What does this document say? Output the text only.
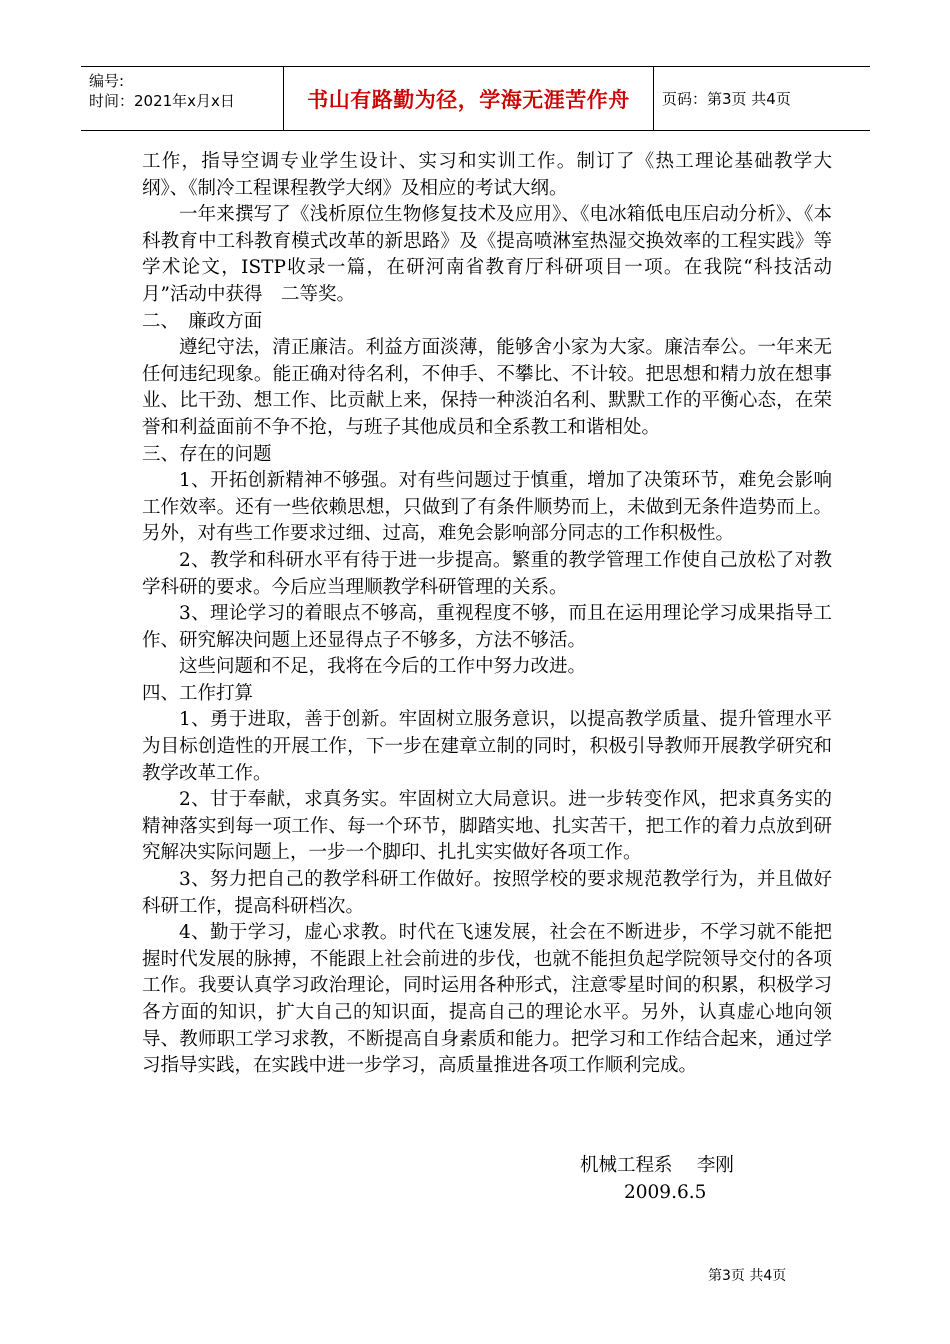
编号:
时间：2021年x月x日	书山有路勤为径，学海无涯苦作舟	页码：第3页 共4页

工作，指导空调专业学生设计、实习和实训工作。制订了《热工理论基础教学大纲》、《制冷工程课程教学大纲》及相应的考试大纲。

一年来撰写了《浅析原位生物修复技术及应用》、《电冰箱低电压启动分析》、《本科教育中工科教育模式改革的新思路》及《提高喷淋室热湿交换效率的工程实践》等学术论文，ISTP收录一篇，在研河南省教育厅科研项目一项。在我院“科技活动月”活动中获得　二等奖。

二、　廉政方面

遵纪守法，清正廉洁。利益方面淡薄，能够舍小家为大家。廉洁奉公。一年来无任何违纪现象。能正确对待名利，不伸手、不攀比、不计较。把思想和精力放在想事业、比干劲、想工作、比贡献上来，保持一种淡泊名利、默默工作的平衡心态，在荣誉和利益面前不争不抢，与班子其他成员和全系教工和谐相处。

三、存在的问题

1、开拓创新精神不够强。对有些问题过于慎重，增加了决策环节，难免会影响工作效率。还有一些依赖思想，只做到了有条件顺势而上，未做到无条件造势而上。另外，对有些工作要求过细、过高，难免会影响部分同志的工作积极性。

2、教学和科研水平有待于进一步提高。繁重的教学管理工作使自己放松了对教学科研的要求。今后应当理顺教学科研管理的关系。

3、理论学习的着眼点不够高，重视程度不够，而且在运用理论学习成果指导工作、研究解决问题上还显得点子不够多，方法不够活。

这些问题和不足，我将在今后的工作中努力改进。

四、工作打算

1、勇于进取，善于创新。牢固树立服务意识，以提高教学质量、提升管理水平为目标创造性的开展工作，下一步在建章立制的同时，积极引导教师开展教学研究和教学改革工作。

2、甘于奉献，求真务实。牢固树立大局意识。进一步转变作风，把求真务实的精神落实到每一项工作、每一个环节，脚踏实地、扎实苦干，把工作的着力点放到研究解决实际问题上，一步一个脚印、扎扎实实做好各项工作。

3、努力把自己的教学科研工作做好。按照学校的要求规范教学行为，并且做好科研工作，提高科研档次。

4、勤于学习，虚心求教。时代在飞速发展，社会在不断进步，不学习就不能把握时代发展的脉搏，不能跟上社会前进的步伐，也就不能担负起学院领导交付的各项工作。我要认真学习政治理论，同时运用各种形式，注意零星时间的积累，积极学习各方面的知识，扩大自己的知识面，提高自己的理论水平。另外，认真虚心地向领导、教师职工学习求教，不断提高自身素质和能力。把学习和工作结合起来，通过学习指导实践，在实践中进一步学习，高质量推进各项工作顺利完成。

机械工程系　 李刚
2009.6.5
第3页 共4页
